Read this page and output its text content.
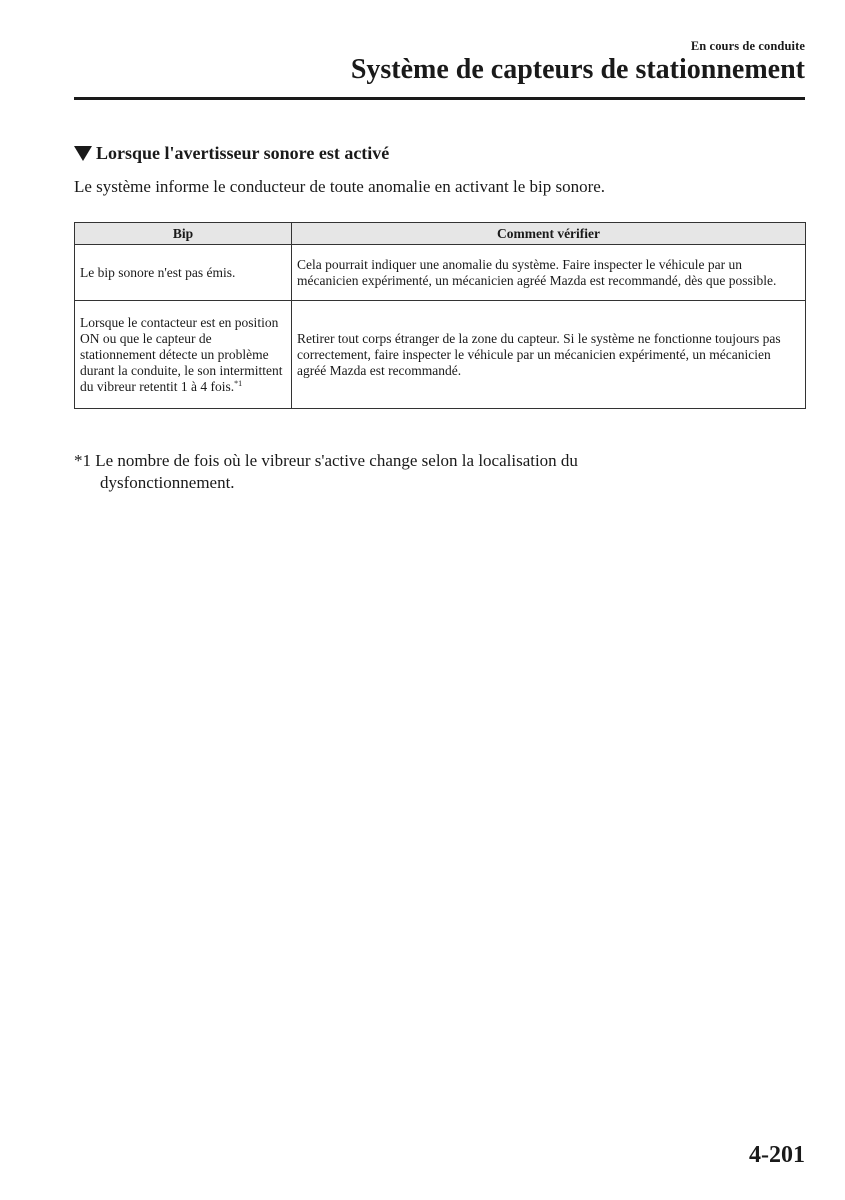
En cours de conduite
Système de capteurs de stationnement
Lorsque l'avertisseur sonore est activé
Le système informe le conducteur de toute anomalie en activant le bip sonore.
Bip	Comment vérifier
Le bip sonore n'est pas émis.	Cela pourrait indiquer une anomalie du système. Faire inspecter le véhicule par un mécanicien expérimenté, un mécanicien agréé Mazda est recommandé, dès que possible.
Lorsque le contacteur est en position ON ou que le capteur de stationnement détecte un problème durant la conduite, le son intermittent du vibreur retentit 1 à 4 fois.$^{*1}$	Retirer tout corps étranger de la zone du capteur. Si le système ne fonctionne toujours pas correctement, faire inspecter le véhicule par un mécanicien expérimenté, un mécanicien agréé Mazda est recommandé.
*1 Le nombre de fois où le vibreur s'active change selon la localisation du
dysfonctionnement.
4-201
